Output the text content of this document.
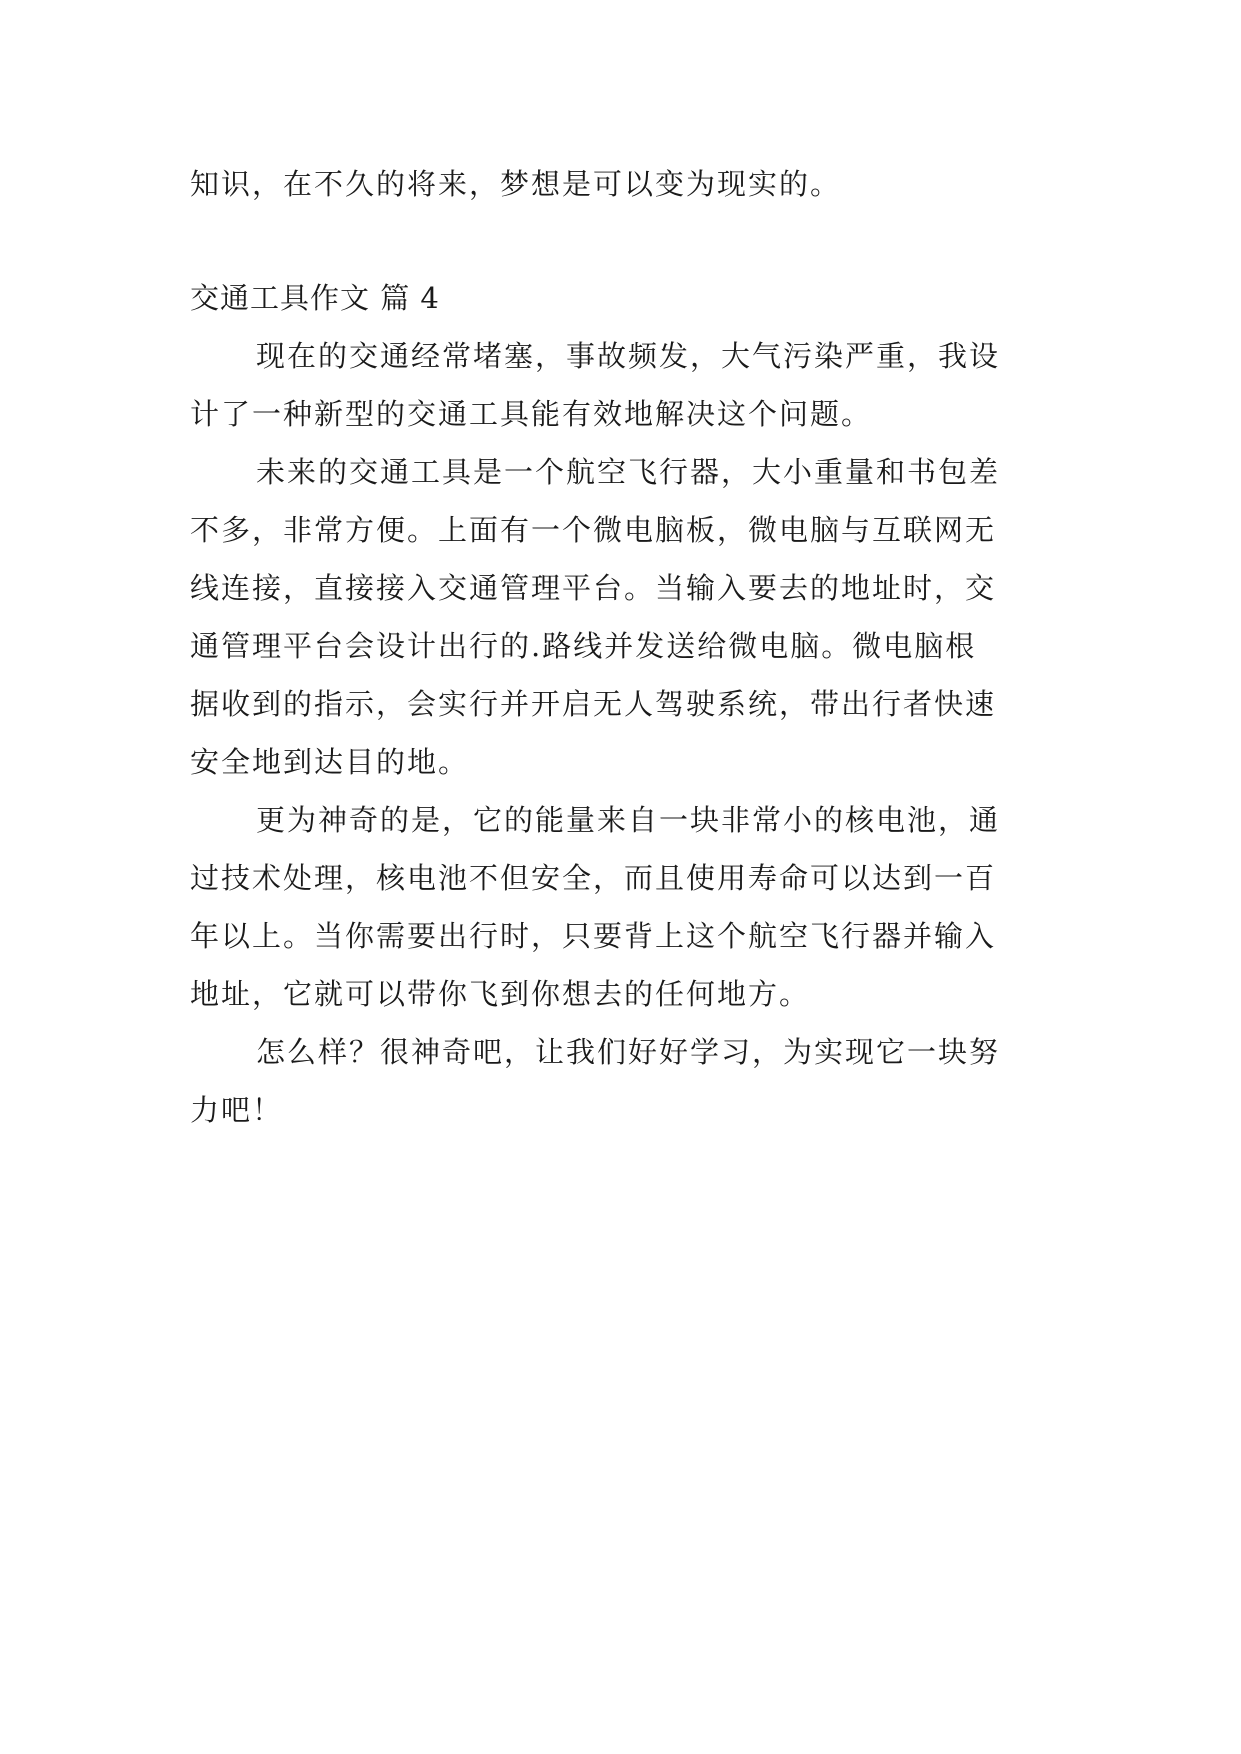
知识，在不久的将来，梦想是可以变为现实的。

交通工具作文 篇 4

现在的交通经常堵塞，事故频发，大气污染严重，我设

计了一种新型的交通工具能有效地解决这个问题。

未来的交通工具是一个航空飞行器，大小重量和书包差

不多，非常方便。上面有一个微电脑板，微电脑与互联网无

线连接，直接接入交通管理平台。当输入要去的地址时，交

通管理平台会设计出行的.路线并发送给微电脑。微电脑根

据收到的指示，会实行并开启无人驾驶系统，带出行者快速

安全地到达目的地。

更为神奇的是，它的能量来自一块非常小的核电池，通

过技术处理，核电池不但安全，而且使用寿命可以达到一百

年以上。当你需要出行时，只要背上这个航空飞行器并输入

地址，它就可以带你飞到你想去的任何地方。

怎么样？很神奇吧，让我们好好学习，为实现它一块努

力吧！
